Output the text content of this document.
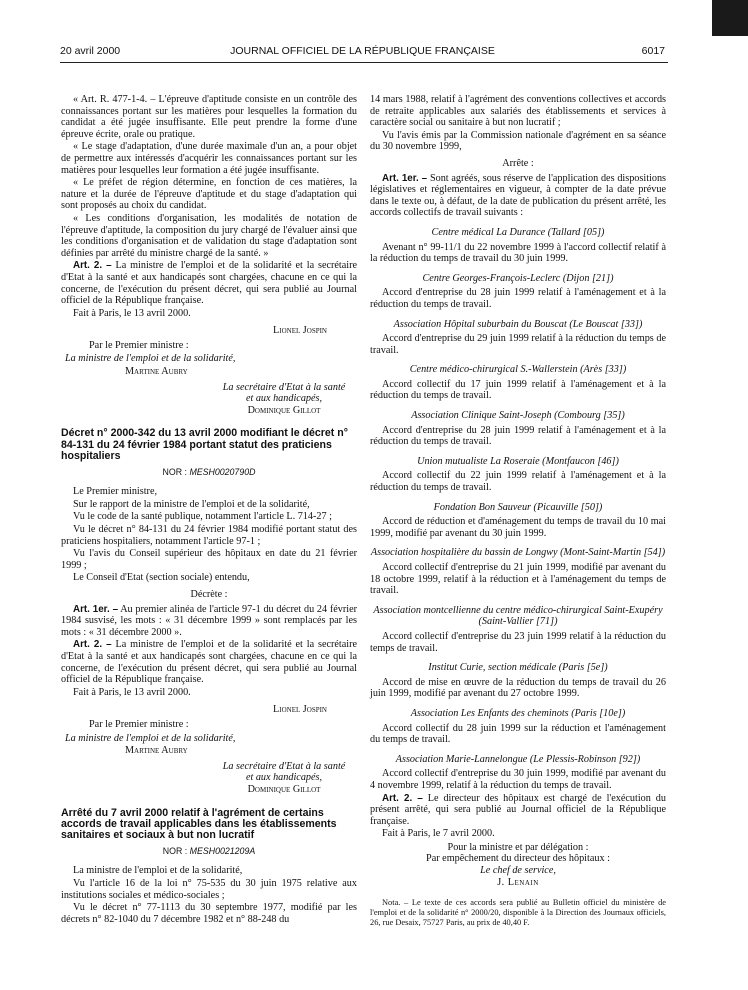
20 avril 2000	JOURNAL OFFICIEL DE LA RÉPUBLIQUE FRANÇAISE	6017

« Art. R. 477-1-4. – L'épreuve d'aptitude consiste en un contrôle des connaissances portant sur les matières pour lesquelles la formation du candidat a été jugée insuffisante. Elle peut prendre la forme d'une épreuve écrite, orale ou pratique.

« Le stage d'adaptation, d'une durée maximale d'un an, a pour objet de permettre aux intéressés d'acquérir les connaissances portant sur les matières pour lesquelles leur formation a été jugée insuffisante.

« Le préfet de région détermine, en fonction de ces matières, la nature et la durée de l'épreuve d'aptitude et du stage d'adaptation qui sont proposés au choix du candidat.

« Les conditions d'organisation, les modalités de notation de l'épreuve d'aptitude, la composition du jury chargé de l'évaluer ainsi que les conditions d'organisation et de validation du stage d'adaptation sont définies par arrêté du ministre chargé de la santé. »

Art. 2. – La ministre de l'emploi et de la solidarité et la secrétaire d'Etat à la santé et aux handicapés sont chargées, chacune en ce qui la concerne, de l'exécution du présent décret, qui sera publié au Journal officiel de la République française.

Fait à Paris, le 13 avril 2000.

Lionel Jospin
Par le Premier ministre :
La ministre de l'emploi et de la solidarité,
Martine Aubry
La secrétaire d'Etat à la santé
et aux handicapés,
Dominique Gillot
Décret n° 2000-342 du 13 avril 2000 modifiant le décret n° 84-131 du 24 février 1984 portant statut des praticiens hospitaliers
NOR : MESH0020790D

Le Premier ministre,

Sur le rapport de la ministre de l'emploi et de la solidarité,

Vu le code de la santé publique, notamment l'article L. 714-27 ;

Vu le décret n° 84-131 du 24 février 1984 modifié portant statut des praticiens hospitaliers, notamment l'article 97-1 ;

Vu l'avis du Conseil supérieur des hôpitaux en date du 21 février 1999 ;

Le Conseil d'Etat (section sociale) entendu,

Décrète :

Art. 1er. – Au premier alinéa de l'article 97-1 du décret du 24 février 1984 susvisé, les mots : « 31 décembre 1999 » sont remplacés par les mots : « 31 décembre 2000 ».

Art. 2. – La ministre de l'emploi et de la solidarité et la secrétaire d'Etat à la santé et aux handicapés sont chargées, chacune en ce qui la concerne, de l'exécution du présent décret, qui sera publié au Journal officiel de la République française.

Fait à Paris, le 13 avril 2000.

Lionel Jospin
Par le Premier ministre :
La ministre de l'emploi et de la solidarité,
Martine Aubry
La secrétaire d'Etat à la santé
et aux handicapés,
Dominique Gillot
Arrêté du 7 avril 2000 relatif à l'agrément de certains accords de travail applicables dans les établissements sanitaires et sociaux à but non lucratif
NOR : MESH0021209A

La ministre de l'emploi et de la solidarité,

Vu l'article 16 de la loi n° 75-535 du 30 juin 1975 relative aux institutions sociales et médico-sociales ;

Vu le décret n° 77-1113 du 30 septembre 1977, modifié par les décrets n° 82-1040 du 7 décembre 1982 et n° 88-248 du

14 mars 1988, relatif à l'agrément des conventions collectives et accords de retraite applicables aux salariés des établissements et services à caractère social ou sanitaire à but non lucratif ;

Vu l'avis émis par la Commission nationale d'agrément en sa séance du 30 novembre 1999,

Arrête :

Art. 1er. – Sont agréés, sous réserve de l'application des dispositions législatives et réglementaires en vigueur, à compter de la date prévue dans le texte ou, à défaut, de la date de publication du présent arrêté, les accords collectifs de travail suivants :

Centre médical La Durance (Tallard [05])

Avenant n° 99-11/1 du 22 novembre 1999 à l'accord collectif relatif à la réduction du temps de travail du 30 juin 1999.

Centre Georges-François-Leclerc (Dijon [21])

Accord d'entreprise du 28 juin 1999 relatif à l'aménagement et à la réduction du temps de travail.

Association Hôpital suburbain du Bouscat (Le Bouscat [33])

Accord d'entreprise du 29 juin 1999 relatif à la réduction du temps de travail.

Centre médico-chirurgical S.-Wallerstein (Arès [33])

Accord collectif du 17 juin 1999 relatif à l'aménagement et à la réduction du temps de travail.

Association Clinique Saint-Joseph (Combourg [35])

Accord d'entreprise du 28 juin 1999 relatif à l'aménagement et à la réduction du temps de travail.

Union mutualiste La Roseraie (Montfaucon [46])

Accord collectif du 22 juin 1999 relatif à l'aménagement et à la réduction du temps de travail.

Fondation Bon Sauveur (Picauville [50])

Accord de réduction et d'aménagement du temps de travail du 10 mai 1999, modifié par avenant du 30 juin 1999.

Association hospitalière du bassin de Longwy (Mont-Saint-Martin [54])

Accord collectif d'entreprise du 21 juin 1999, modifié par avenant du 18 octobre 1999, relatif à la réduction et à l'aménagement du temps de travail.

Association montcellienne du centre médico-chirurgical Saint-Exupéry (Saint-Vallier [71])

Accord collectif d'entreprise du 23 juin 1999 relatif à la réduction du temps de travail.

Institut Curie, section médicale (Paris [5e])

Accord de mise en œuvre de la réduction du temps de travail du 26 juin 1999, modifié par avenant du 27 octobre 1999.

Association Les Enfants des cheminots (Paris [10e])

Accord collectif du 28 juin 1999 sur la réduction et l'aménagement du temps de travail.

Association Marie-Lannelongue (Le Plessis-Robinson [92])

Accord collectif d'entreprise du 30 juin 1999, modifié par avenant du 4 novembre 1999, relatif à la réduction du temps de travail.

Art. 2. – Le directeur des hôpitaux est chargé de l'exécution du présent arrêté, qui sera publié au Journal officiel de la République française.

Fait à Paris, le 7 avril 2000.

Pour la ministre et par délégation :
Par empêchement du directeur des hôpitaux :
Le chef de service,
J. Lenain

Nota. – Le texte de ces accords sera publié au Bulletin officiel du ministère de l'emploi et de la solidarité n° 2000/20, disponible à la Direction des Journaux officiels, 26, rue Desaix, 75727 Paris, au prix de 40,40 F.
